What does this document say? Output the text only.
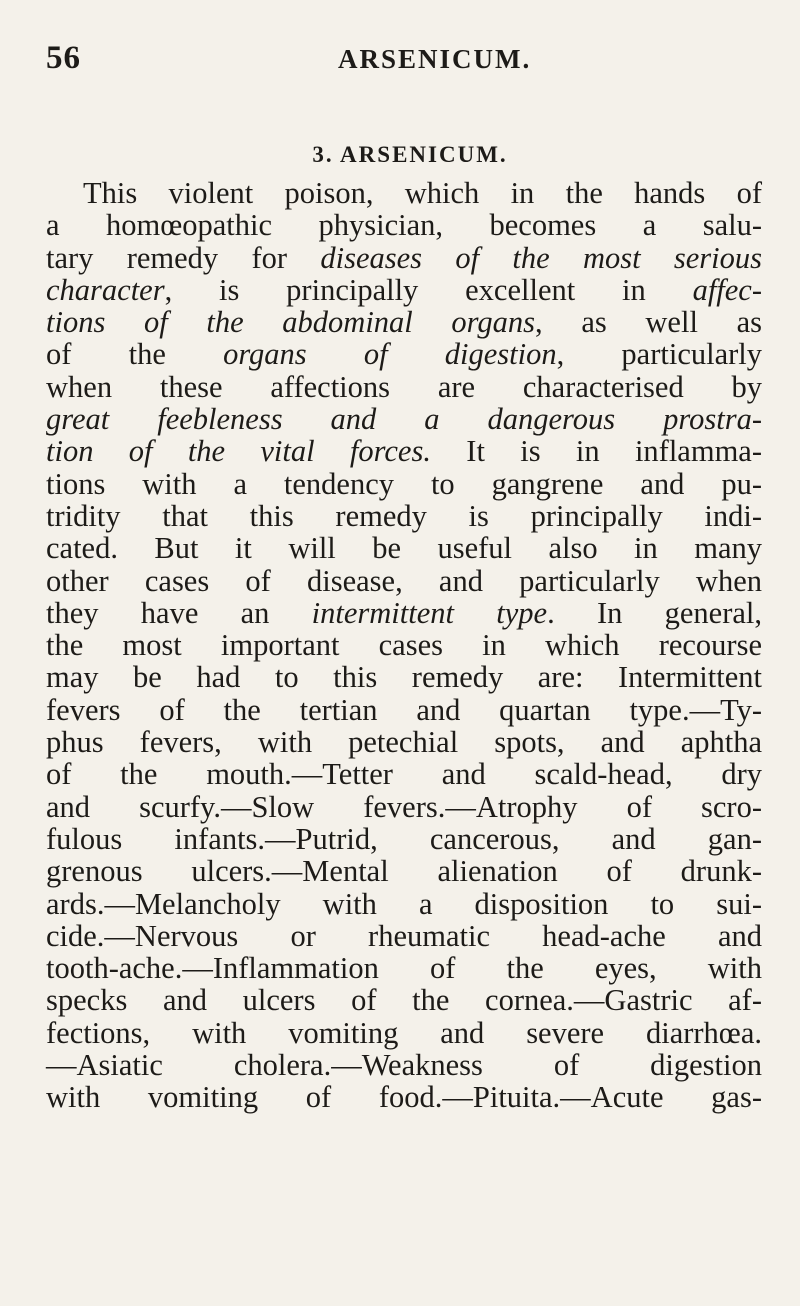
56	ARSENICUM.
3. ARSENICUM.
This violent poison, which in the hands of
a homœopathic physician, becomes a salu-
tary remedy for diseases of the most serious
character, is principally excellent in affec-
tions of the abdominal organs, as well as
of the organs of digestion, particularly
when these affections are characterised by
great feebleness and a dangerous prostra-
tion of the vital forces. It is in inflamma-
tions with a tendency to gangrene and pu-
tridity that this remedy is principally indi-
cated. But it will be useful also in many
other cases of disease, and particularly when
they have an intermittent type. In general,
the most important cases in which recourse
may be had to this remedy are: Intermittent
fevers of the tertian and quartan type.—Ty-
phus fevers, with petechial spots, and aphtha
of the mouth.—Tetter and scald-head, dry
and scurfy.—Slow fevers.—Atrophy of scro-
fulous infants.—Putrid, cancerous, and gan-
grenous ulcers.—Mental alienation of drunk-
ards.—Melancholy with a disposition to sui-
cide.—Nervous or rheumatic head-ache and
tooth-ache.—Inflammation of the eyes, with
specks and ulcers of the cornea.—Gastric af-
fections, with vomiting and severe diarrhœa.
—Asiatic cholera.—Weakness of digestion
with vomiting of food.—Pituita.—Acute gas-
